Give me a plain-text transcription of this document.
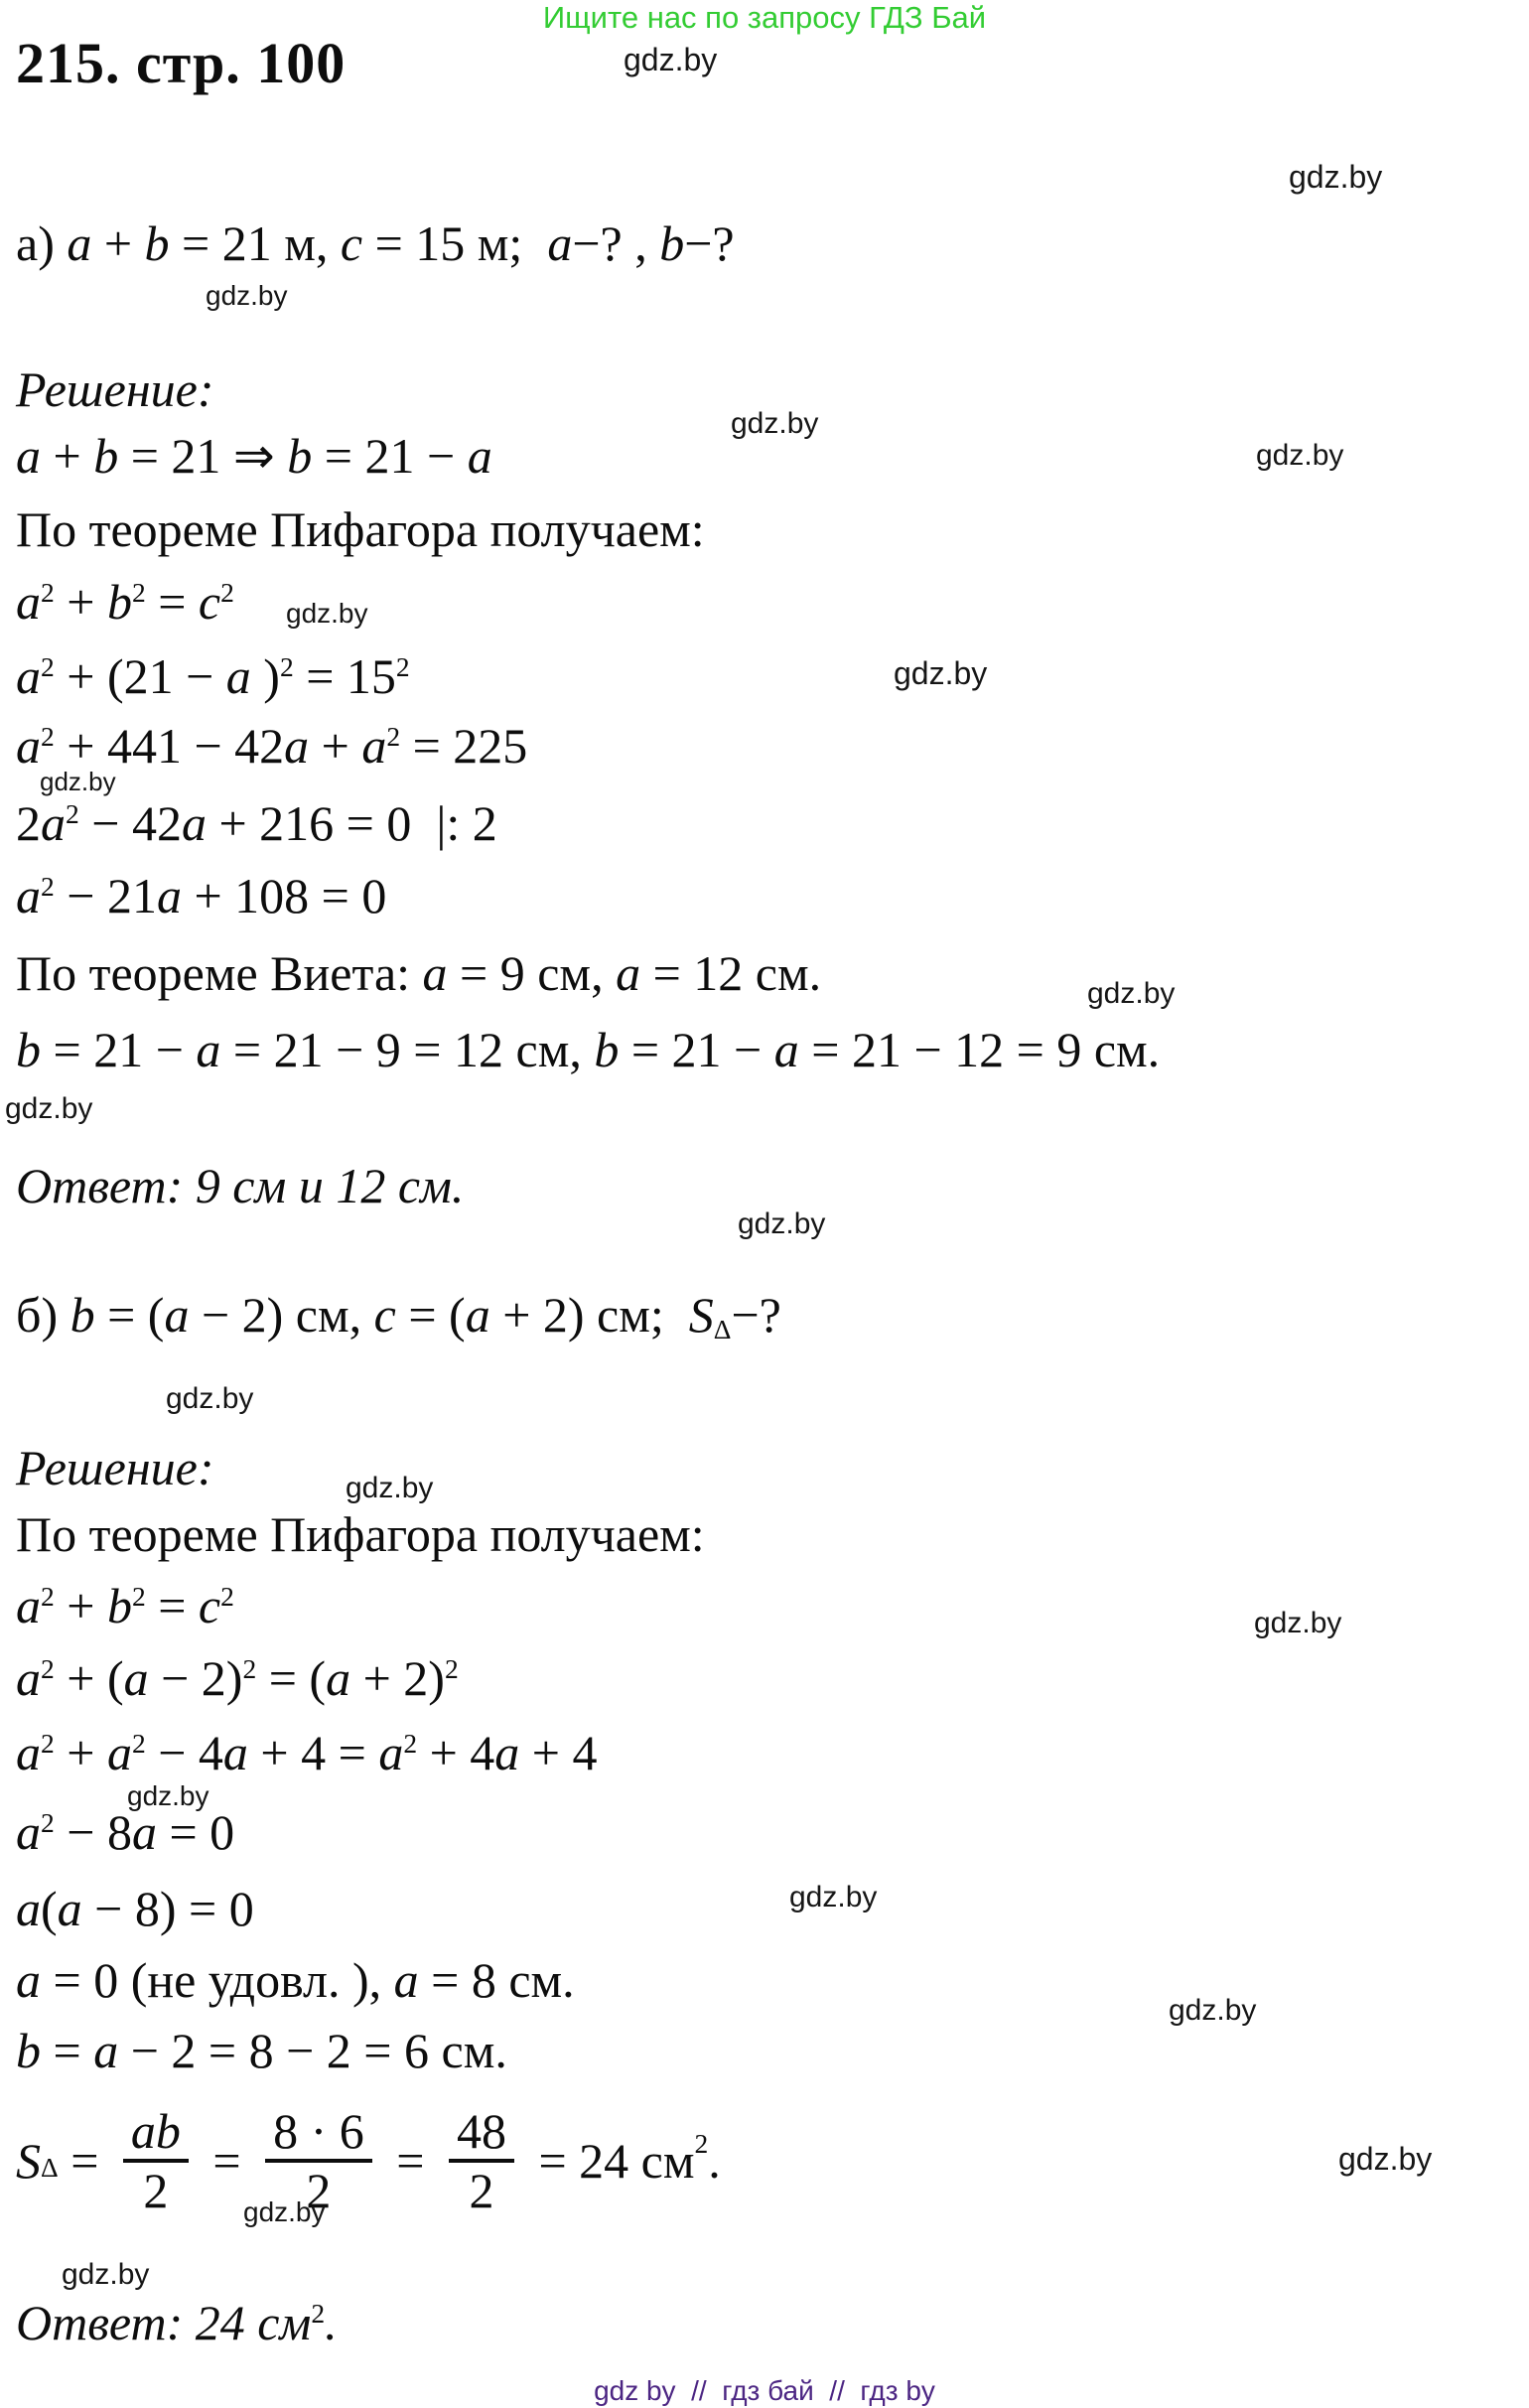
Ищите нас по запросу ГДЗ Бай
215. стр. 100
а) a + b = 21 м, c = 15 м;  a−? , b−?
Решение:
a + b = 21 ⇒ b = 21 − a
По теореме Пифагора получаем:
$a^2 + b^2 = c^2$
$a^2 + (21 - a$ )$^2 = 15^2$
$a^2 + 441 - 42a + a^2 = 225$
$2a^2 - 42a + 216 = 0$  |: 2
$a^2 - 21a + 108 = 0$
По теореме Виета: a = 9 см, a = 12 см.
b = 21 − a = 21 − 9 = 12 см, b = 21 − a = 21 − 12 = 9 см.
Ответ: 9 см и 12 см.
б) b = (a − 2) см, c = (a + 2) см;  SΔ−?
Решение:
По теореме Пифагора получаем:
$a^2 + b^2 = c^2$
$a^2 + (a - 2)^2 = (a + 2)^2$
$a^2 + a^2 - 4a + 4 = a^2 + 4a + 4$
$a^2 - 8a = 0$
a(a − 8) = 0
a = 0 (не удовл. ), a = 8 см.
b = a − 2 = 8 − 2 = 6 см.
S $\Delta = \frac{ab}{2} = \frac{8 \cdot 6}{2} = \frac{48}{2} = 24$ см 2 .
Ответ: 24 $см^2$.
gdz.by
gdz.by
gdz.by
gdz.by
gdz.by
gdz.by
gdz.by
gdz.by
gdz.by
gdz.by
gdz.by
gdz.by
gdz.by
gdz.by
gdz.by
gdz.by
gdz.by
gdz.by
gdz.by
gdz.by
gdz by  //  гдз бай  //  гдз by
